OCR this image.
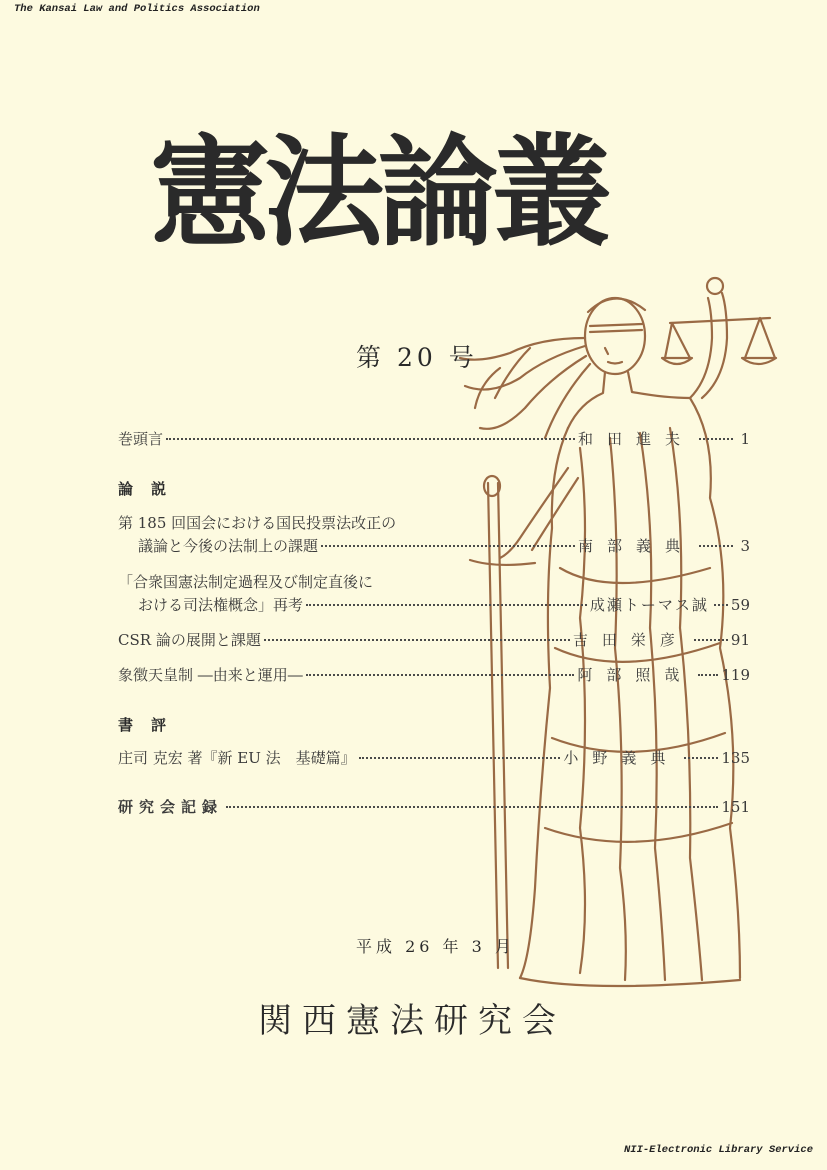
The Kansai Law and Politics Association
憲法論叢
第 20 号
巻頭言	和田進夫	1
論説
第 185 回国会における国民投票法改正の
議論と今後の法制上の課題	南部義典	3
「合衆国憲法制定過程及び制定直後に
おける司法権概念」再考	成瀬トーマス誠 59
CSR 論の展開と課題	吉田栄彦	91
象徴天皇制 ―由来と運用―	阿部照哉 119
書評
庄司 克宏 著『新 EU 法　基礎篇』	小野義典	135
研究会記録	151
平成 26 年 3 月
関西憲法研究会
NII-Electronic Library Service
